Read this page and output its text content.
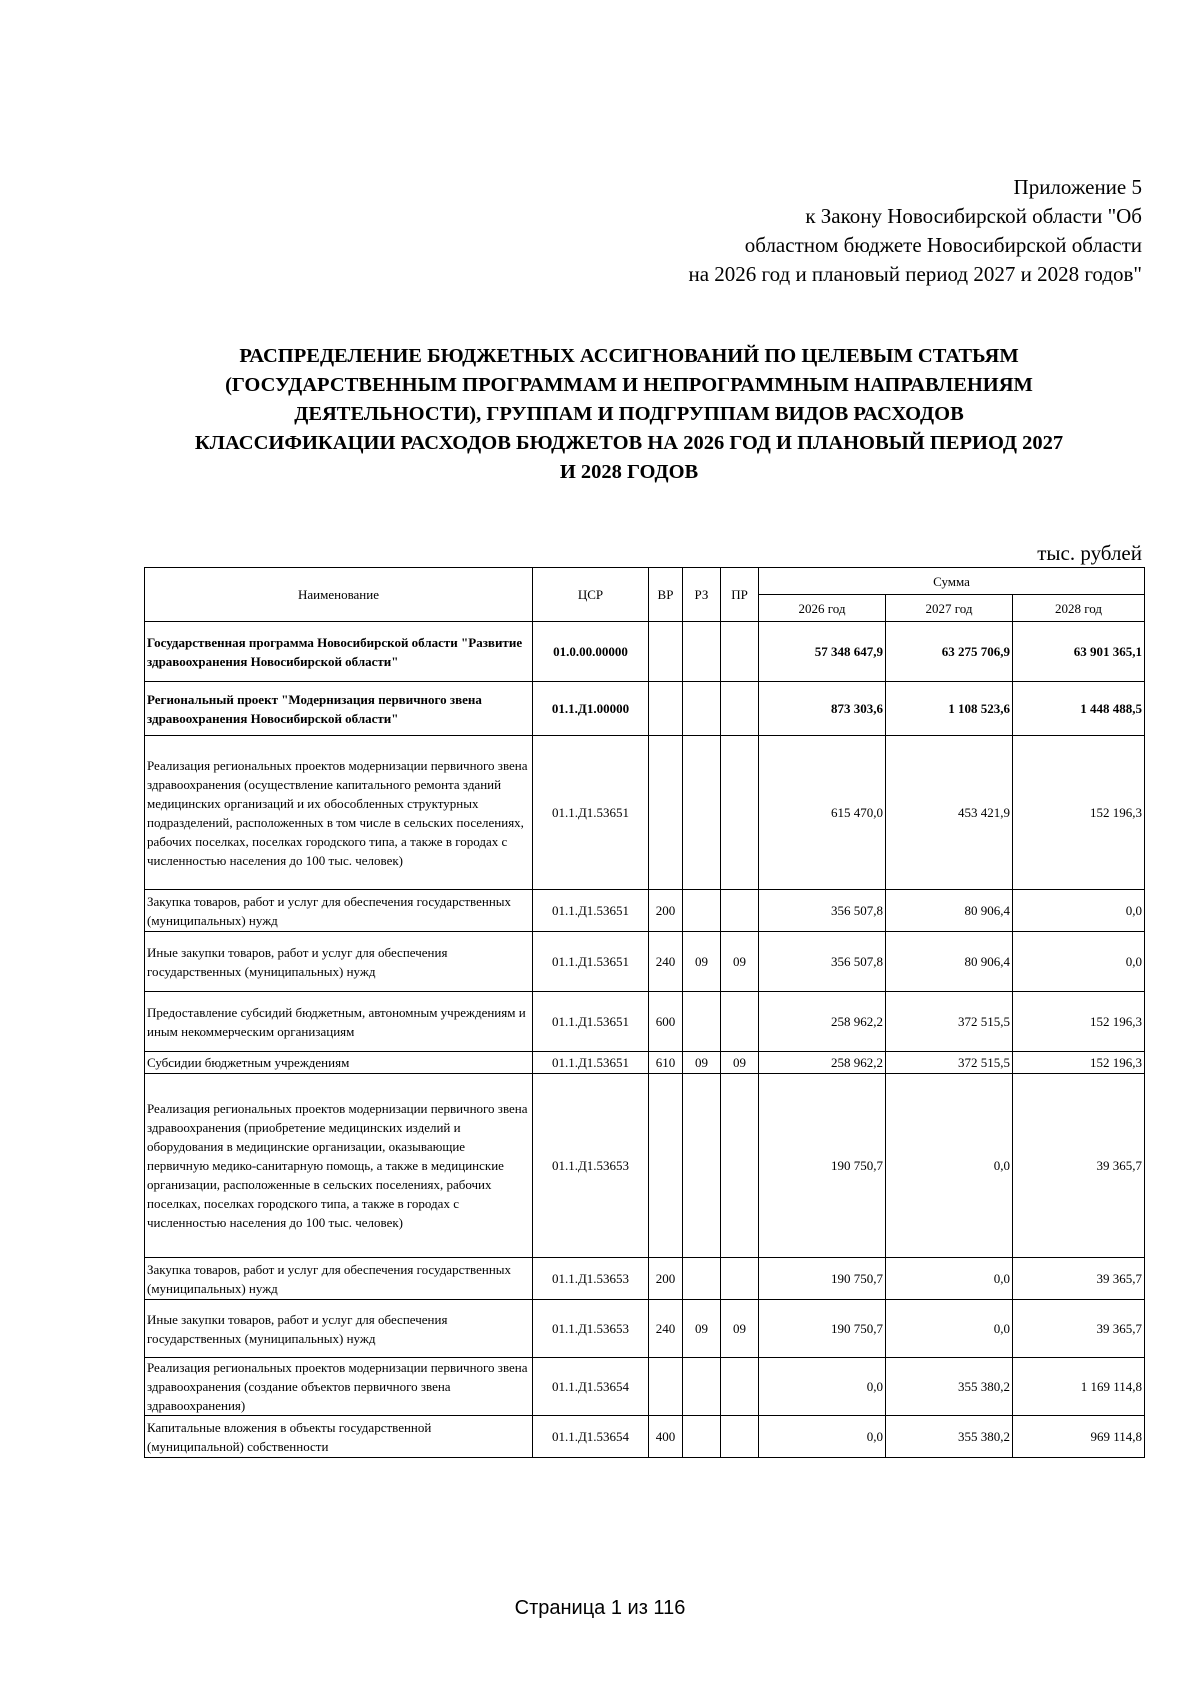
Приложение 5
к Закону Новосибирской области "Об
областном бюджете Новосибирской области
на 2026 год и плановый период 2027 и 2028 годов"
РАСПРЕДЕЛЕНИЕ БЮДЖЕТНЫХ АССИГНОВАНИЙ ПО ЦЕЛЕВЫМ СТАТЬЯМ
(ГОСУДАРСТВЕННЫМ ПРОГРАММАМ И НЕПРОГРАММНЫМ НАПРАВЛЕНИЯМ
ДЕЯТЕЛЬНОСТИ), ГРУППАМ И ПОДГРУППАМ ВИДОВ РАСХОДОВ
КЛАССИФИКАЦИИ РАСХОДОВ БЮДЖЕТОВ НА 2026 ГОД И ПЛАНОВЫЙ ПЕРИОД 2027
И 2028 ГОДОВ
тыс. рублей
Наименование	ЦСР	ВР	РЗ	ПР	Сумма		
					2026 год	2027 год	2028 год
Государственная программа Новосибирской области "Развитие здравоохранения Новосибирской области"	01.0.00.00000				57 348 647,9	63 275 706,9	63 901 365,1
Региональный проект "Модернизация первичного звена здравоохранения Новосибирской области"	01.1.Д1.00000				873 303,6	1 108 523,6	1 448 488,5
Реализация региональных проектов модернизации первичного звена здравоохранения (осуществление капитального ремонта зданий медицинских организаций и их обособленных структурных подразделений, расположенных в том числе в сельских поселениях, рабочих поселках, поселках городского типа, а также в городах с численностью населения до 100 тыс. человек)	01.1.Д1.53651				615 470,0	453 421,9	152 196,3
Закупка товаров, работ и услуг для обеспечения государственных (муниципальных) нужд	01.1.Д1.53651	200			356 507,8	80 906,4	0,0
Иные закупки товаров, работ и услуг для обеспечения государственных (муниципальных) нужд	01.1.Д1.53651	240	09	09	356 507,8	80 906,4	0,0
Предоставление субсидий бюджетным, автономным учреждениям и иным некоммерческим организациям	01.1.Д1.53651	600			258 962,2	372 515,5	152 196,3
Субсидии бюджетным учреждениям	01.1.Д1.53651	610	09	09	258 962,2	372 515,5	152 196,3
Реализация региональных проектов модернизации первичного звена здравоохранения (приобретение медицинских изделий и оборудования в медицинские организации, оказывающие первичную медико-санитарную помощь, а также в медицинские организации, расположенные в сельских поселениях, рабочих поселках, поселках городского типа, а также в городах с численностью населения до 100 тыс. человек)	01.1.Д1.53653				190 750,7	0,0	39 365,7
Закупка товаров, работ и услуг для обеспечения государственных (муниципальных) нужд	01.1.Д1.53653	200			190 750,7	0,0	39 365,7
Иные закупки товаров, работ и услуг для обеспечения государственных (муниципальных) нужд	01.1.Д1.53653	240	09	09	190 750,7	0,0	39 365,7
Реализация региональных проектов модернизации первичного звена здравоохранения (создание объектов первичного звена здравоохранения)	01.1.Д1.53654				0,0	355 380,2	1 169 114,8
Капитальные вложения в объекты государственной (муниципальной) собственности	01.1.Д1.53654	400			0,0	355 380,2	969 114,8
Страница 1 из 116
